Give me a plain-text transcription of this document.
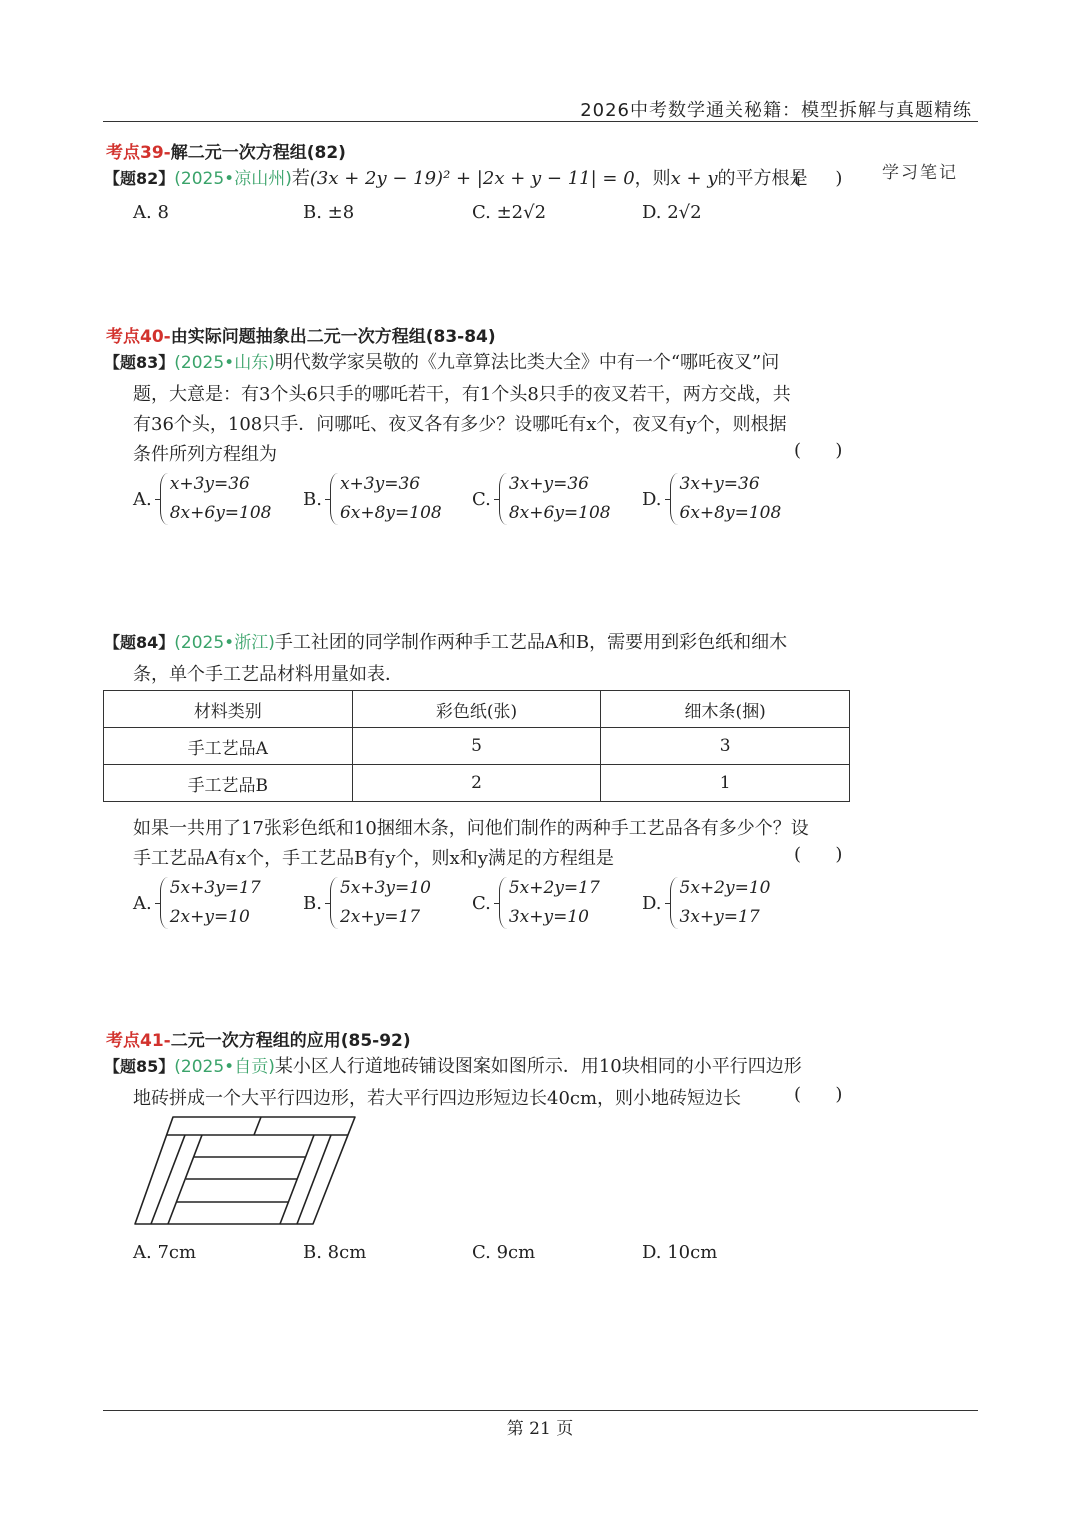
2026中考数学通关秘籍：模型拆解与真题精练
学习笔记
考点39-解二元一次方程组(82)
【题82】(2025•凉山州)若(3x + 2y − 19)² + |2x + y − 11| = 0，则x + y的平方根是
(      )
A. 8	B. ±8	C. ±2√2	D. 2√2
考点40-由实际问题抽象出二元一次方程组(83-84)
【题83】(2025•山东)明代数学家吴敬的《九章算法比类大全》中有一个“哪吒夜叉”问
题，大意是：有3个头6只手的哪吒若干，有1个头8只手的夜叉若干，两方交战，共
有36个头，108只手．问哪吒、夜叉各有多少？设哪吒有x个，夜叉有y个，则根据
条件所列方程组为	(      )
A.
x+3y=36
8x+6y=108
B.
x+3y=36
6x+8y=108
C.
3x+y=36
8x+6y=108
D.
3x+y=36
6x+8y=108
【题84】(2025•浙江)手工社团的同学制作两种手工艺品A和B，需要用到彩色纸和细木
条，单个手工艺品材料用量如表．
材料类别	彩色纸(张)	细木条(捆)
手工艺品A	5	3
手工艺品B	2	1
如果一共用了17张彩色纸和10捆细木条，问他们制作的两种手工艺品各有多少个？设
手工艺品A有x个，手工艺品B有y个，则x和y满足的方程组是	(      )
A.
5x+3y=17
2x+y=10
B.
5x+3y=10
2x+y=17
C.
5x+2y=17
3x+y=10
D.
5x+2y=10
3x+y=17
考点41-二元一次方程组的应用(85-92)
【题85】(2025•自贡)某小区人行道地砖铺设图案如图所示．用10块相同的小平行四边形
地砖拼成一个大平行四边形，若大平行四边形短边长40cm，则小地砖短边长	(      )
A. 7cm	B. 8cm	C. 9cm	D. 10cm
第 21 页
